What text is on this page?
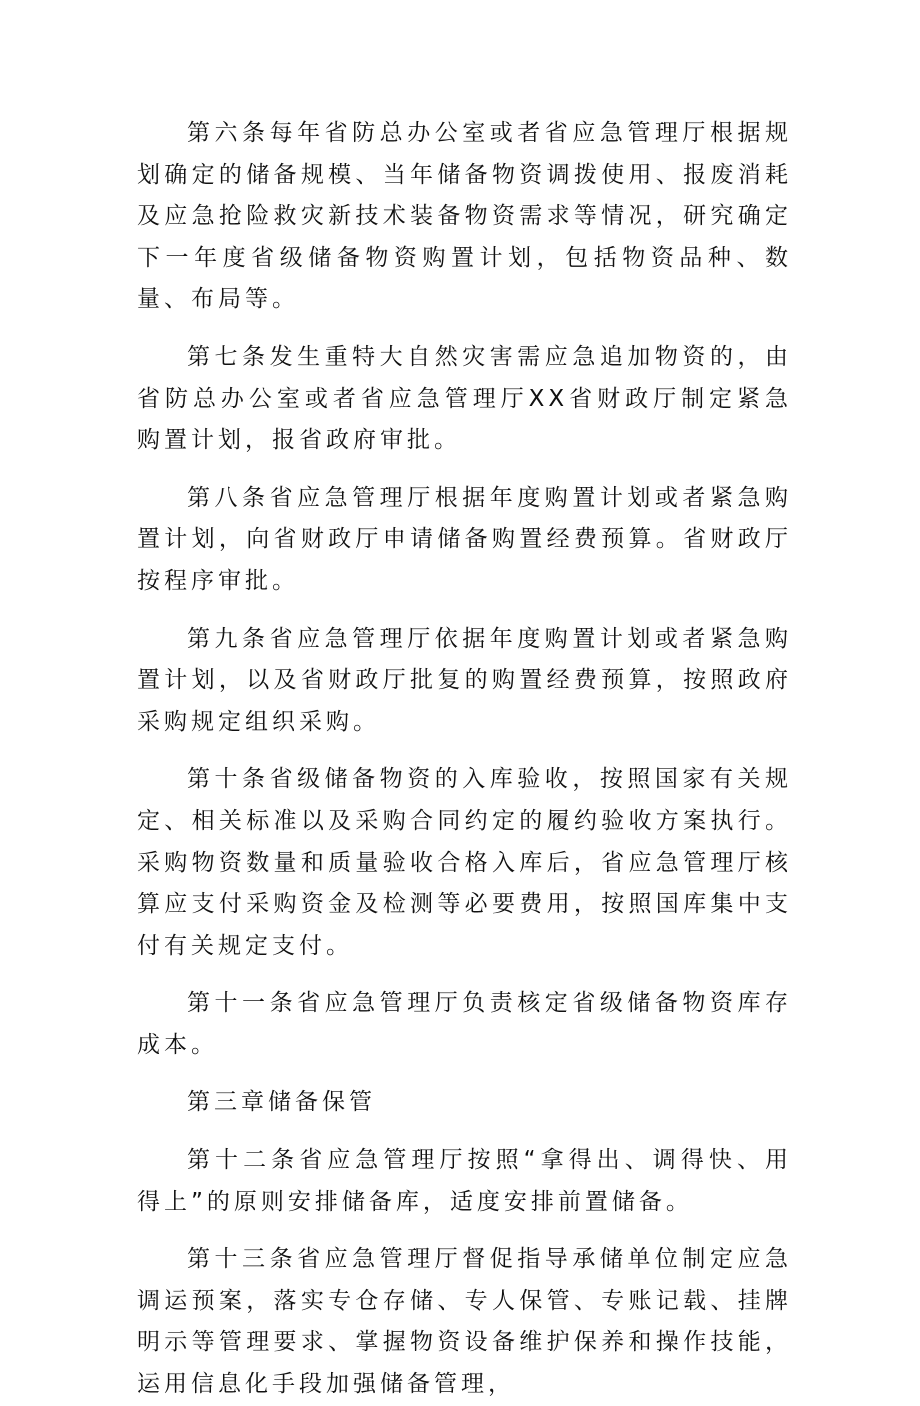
第六条每年省防总办公室或者省应急管理厅根据规划确定的储备规模、当年储备物资调拨使用、报废消耗及应急抢险救灾新技术装备物资需求等情况，研究确定下一年度省级储备物资购置计划，包括物资品种、数量、布局等。

第七条发生重特大自然灾害需应急追加物资的，由省防总办公室或者省应急管理厅XX省财政厅制定紧急购置计划，报省政府审批。

第八条省应急管理厅根据年度购置计划或者紧急购置计划，向省财政厅申请储备购置经费预算。省财政厅按程序审批。

第九条省应急管理厅依据年度购置计划或者紧急购置计划，以及省财政厅批复的购置经费预算，按照政府采购规定组织采购。

第十条省级储备物资的入库验收，按照国家有关规定、相关标准以及采购合同约定的履约验收方案执行。采购物资数量和质量验收合格入库后，省应急管理厅核算应支付采购资金及检测等必要费用，按照国库集中支付有关规定支付。

第十一条省应急管理厅负责核定省级储备物资库存成本。

第三章储备保管

第十二条省应急管理厅按照“拿得出、调得快、用得上”的原则安排储备库，适度安排前置储备。

第十三条省应急管理厅督促指导承储单位制定应急调运预案，落实专仓存储、专人保管、专账记载、挂牌明示等管理要求、掌握物资设备维护保养和操作技能，运用信息化手段加强储备管理，
